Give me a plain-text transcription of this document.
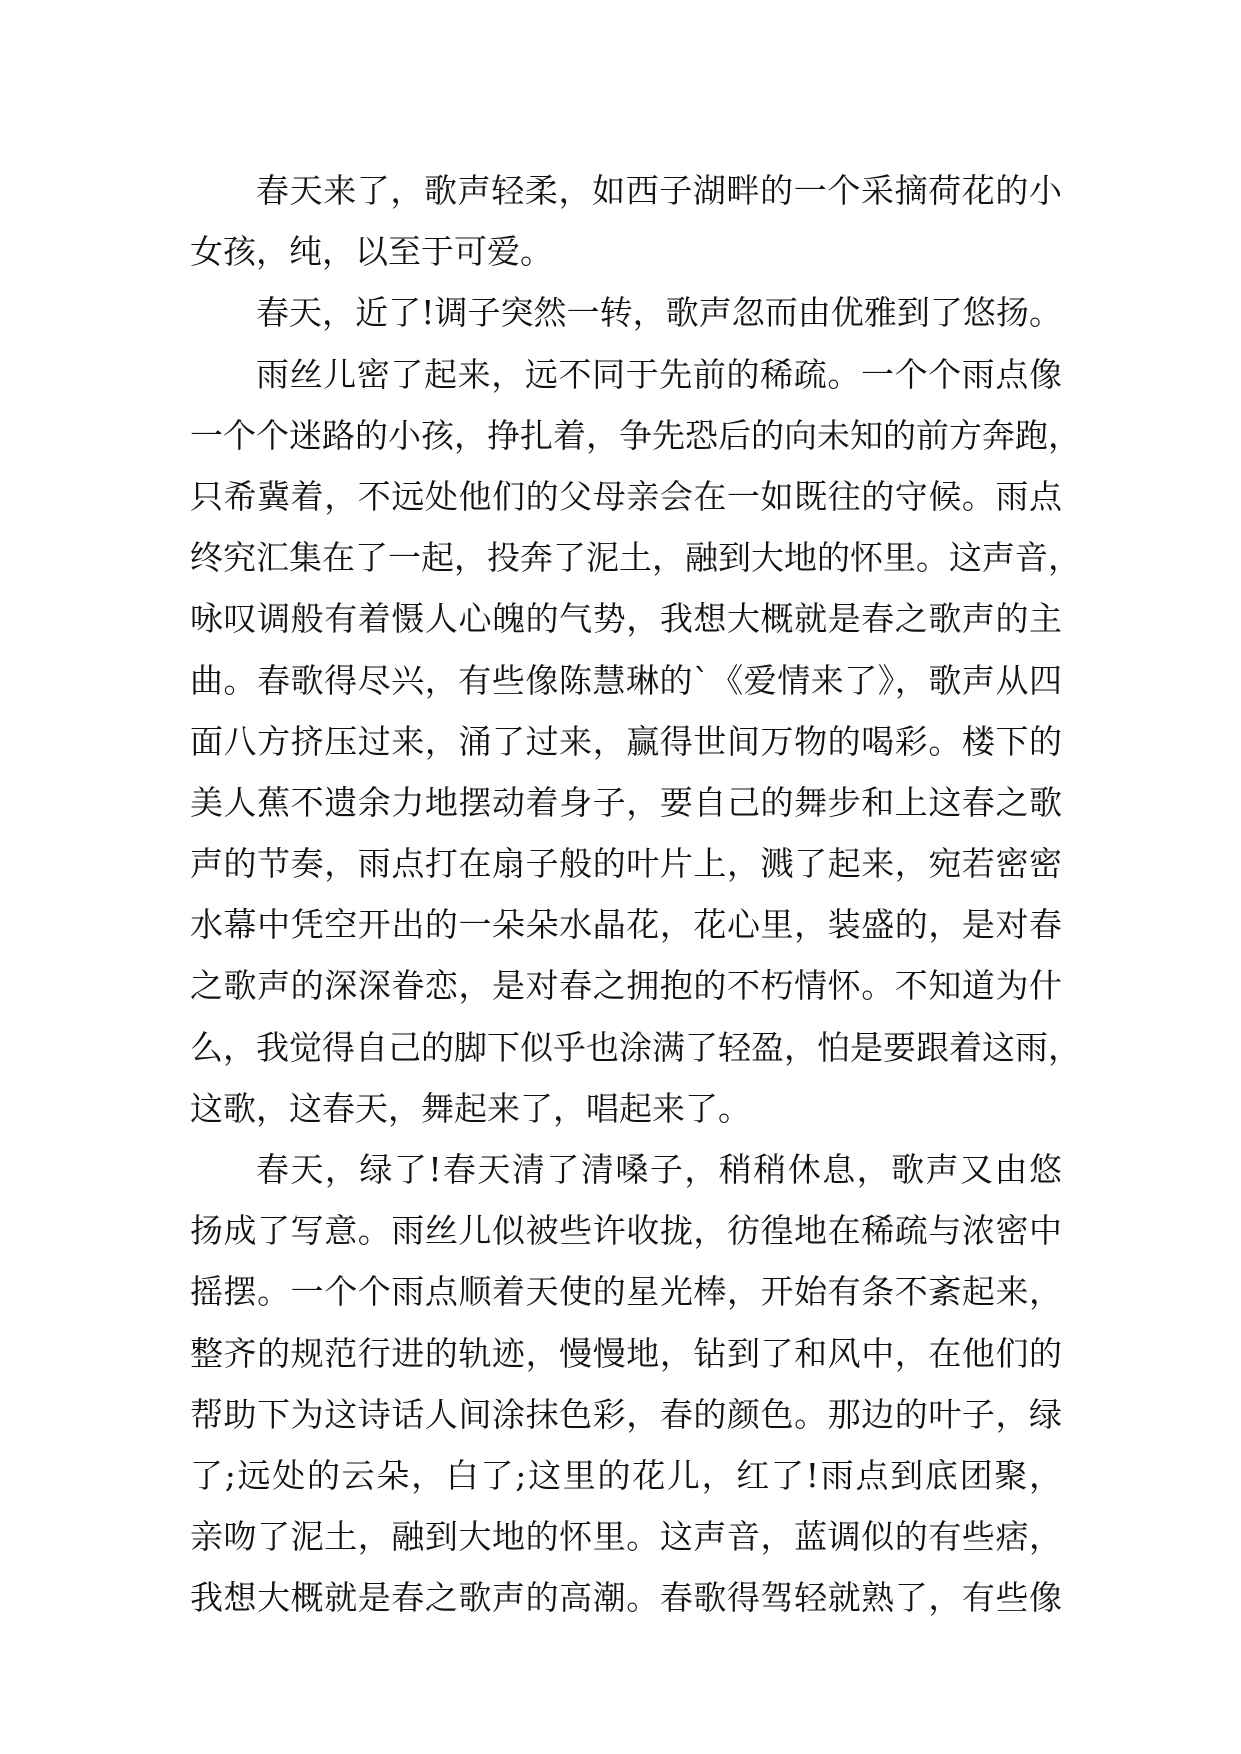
春天来了，歌声轻柔，如西子湖畔的一个采摘荷花的小
女孩，纯，以至于可爱。
春天，近了!调子突然一转，歌声忽而由优雅到了悠扬。
雨丝儿密了起来，远不同于先前的稀疏。一个个雨点像
一个个迷路的小孩，挣扎着，争先恐后的向未知的前方奔跑，
只希冀着，不远处他们的父母亲会在一如既往的守候。雨点
终究汇集在了一起，投奔了泥土，融到大地的怀里。这声音，
咏叹调般有着慑人心魄的气势，我想大概就是春之歌声的主
曲。春歌得尽兴，有些像陈慧琳的`《爱情来了》，歌声从四
面八方挤压过来，涌了过来，赢得世间万物的喝彩。楼下的
美人蕉不遗余力地摆动着身子，要自己的舞步和上这春之歌
声的节奏，雨点打在扇子般的叶片上，溅了起来，宛若密密
水幕中凭空开出的一朵朵水晶花，花心里，装盛的，是对春
之歌声的深深眷恋，是对春之拥抱的不朽情怀。不知道为什
么，我觉得自己的脚下似乎也涂满了轻盈，怕是要跟着这雨，
这歌，这春天，舞起来了，唱起来了。
春天，绿了!春天清了清嗓子，稍稍休息，歌声又由悠
扬成了写意。雨丝儿似被些许收拢，彷徨地在稀疏与浓密中
摇摆。一个个雨点顺着天使的星光棒，开始有条不紊起来，
整齐的规范行进的轨迹，慢慢地，钻到了和风中，在他们的
帮助下为这诗话人间涂抹色彩，春的颜色。那边的叶子，绿
了;远处的云朵，白了;这里的花儿，红了!雨点到底团聚，
亲吻了泥土，融到大地的怀里。这声音，蓝调似的有些痞，
我想大概就是春之歌声的高潮。春歌得驾轻就熟了，有些像
